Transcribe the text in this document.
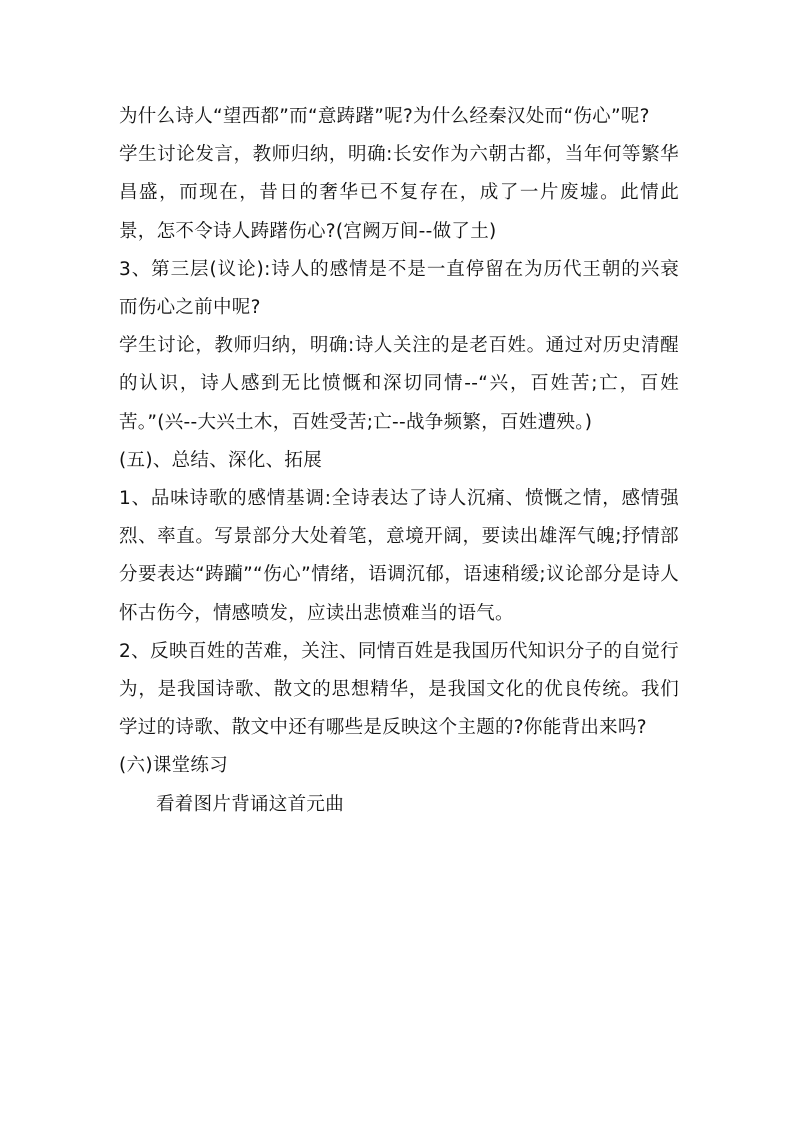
为什么诗人“望西都”而“意踌躇”呢?为什么经秦汉处而“伤心”呢?

学生讨论发言，教师归纳，明确:长安作为六朝古都，当年何等繁华昌盛，而现在，昔日的奢华已不复存在，成了一片废墟。此情此景，怎不令诗人踌躇伤心?(宫阙万间--做了土)

3、第三层(议论):诗人的感情是不是一直停留在为历代王朝的兴衰而伤心之前中呢?

学生讨论，教师归纳，明确:诗人关注的是老百姓。通过对历史清醒的认识，诗人感到无比愤慨和深切同情--“兴，百姓苦;亡，百姓苦。”(兴--大兴土木，百姓受苦;亡--战争频繁，百姓遭殃。)

(五)、总结、深化、拓展

1、品味诗歌的感情基调:全诗表达了诗人沉痛、愤慨之情，感情强烈、率直。写景部分大处着笔，意境开阔，要读出雄浑气魄;抒情部分要表达“踌躏”“伤心”情绪，语调沉郁，语速稍缓;议论部分是诗人怀古伤今，情感喷发，应读出悲愤难当的语气。

2、反映百姓的苦难，关注、同情百姓是我国历代知识分子的自觉行为，是我国诗歌、散文的思想精华，是我国文化的优良传统。我们学过的诗歌、散文中还有哪些是反映这个主题的?你能背出来吗?

(六)课堂练习

看着图片背诵这首元曲
